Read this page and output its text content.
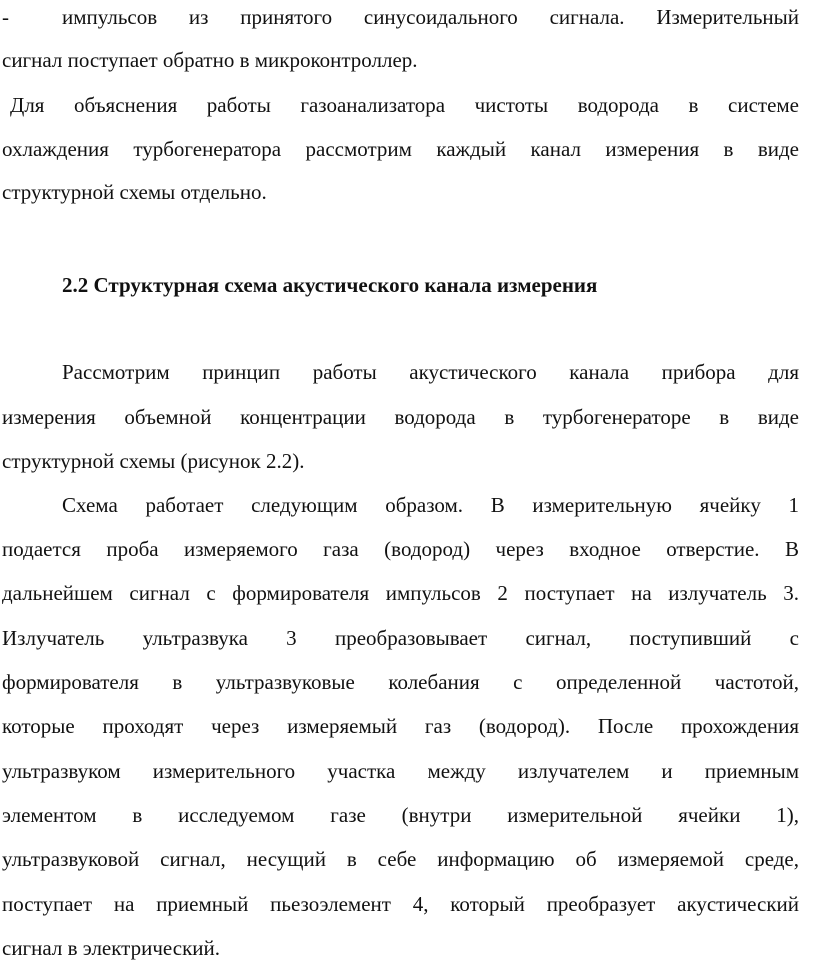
-	импульсов из принятого синусоидального сигнала. Измерительный
сигнал поступает обратно в микроконтроллер.
Для объяснения работы газоанализатора чистоты водорода в системе
охлаждения турбогенератора рассмотрим каждый канал измерения в виде
структурной схемы отдельно.
2.2 Структурная схема акустического канала измерения
Рассмотрим принцип работы акустического канала прибора для
измерения объемной концентрации водорода в турбогенераторе в виде
структурной схемы (рисунок 2.2).
Схема работает следующим образом. В измерительную ячейку 1
подается проба измеряемого газа (водород) через входное отверстие. В
дальнейшем сигнал с формирователя импульсов 2 поступает на излучатель 3.
Излучатель ультразвука 3 преобразовывает сигнал, поступивший с
формирователя в ультразвуковые колебания с определенной частотой,
которые проходят через измеряемый газ (водород). После прохождения
ультразвуком измерительного участка между излучателем и приемным
элементом в исследуемом газе (внутри измерительной ячейки 1),
ультразвуковой сигнал, несущий в себе информацию об измеряемой среде,
поступает на приемный пьезоэлемент 4, который преобразует акустический
сигнал в электрический.
